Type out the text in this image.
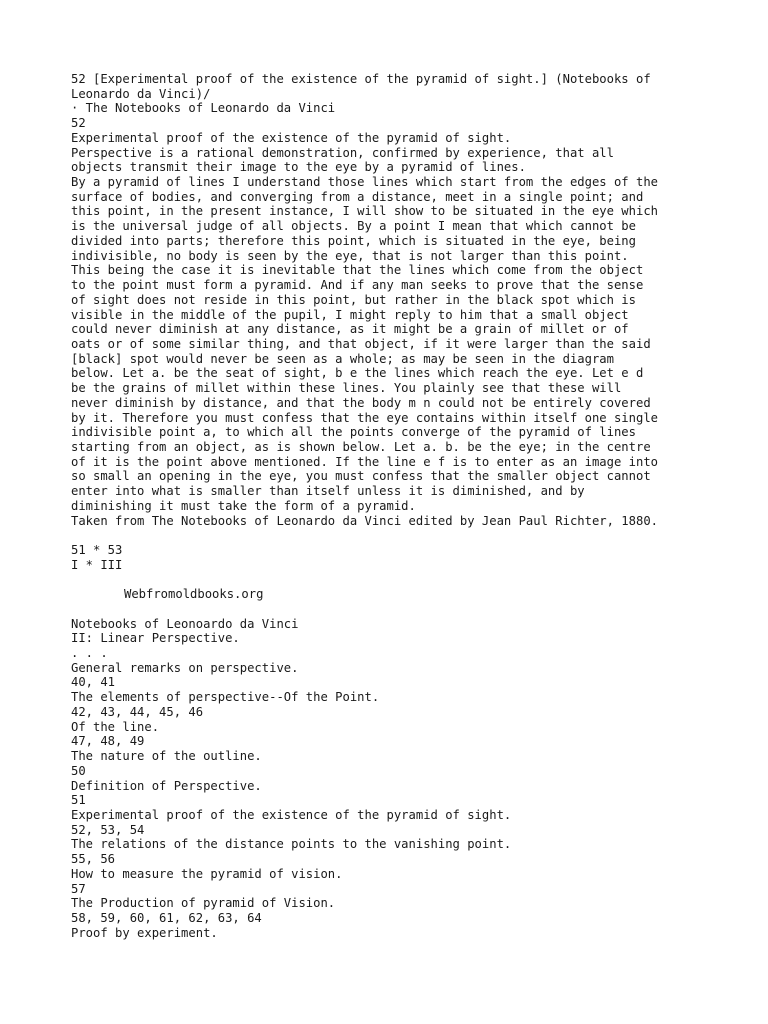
52 [Experimental proof of the existence of the pyramid of sight.] (Notebooks of
Leonardo da Vinci)/
· The Notebooks of Leonardo da Vinci
52
Experimental proof of the existence of the pyramid of sight.
Perspective is a rational demonstration, confirmed by experience, that all
objects transmit their image to the eye by a pyramid of lines.
By a pyramid of lines I understand those lines which start from the edges of the
surface of bodies, and converging from a distance, meet in a single point; and
this point, in the present instance, I will show to be situated in the eye which
is the universal judge of all objects. By a point I mean that which cannot be
divided into parts; therefore this point, which is situated in the eye, being
indivisible, no body is seen by the eye, that is not larger than this point.
This being the case it is inevitable that the lines which come from the object
to the point must form a pyramid. And if any man seeks to prove that the sense
of sight does not reside in this point, but rather in the black spot which is
visible in the middle of the pupil, I might reply to him that a small object
could never diminish at any distance, as it might be a grain of millet or of
oats or of some similar thing, and that object, if it were larger than the said
[black] spot would never be seen as a whole; as may be seen in the diagram
below. Let a. be the seat of sight, b e the lines which reach the eye. Let e d
be the grains of millet within these lines. You plainly see that these will
never diminish by distance, and that the body m n could not be entirely covered
by it. Therefore you must confess that the eye contains within itself one single
indivisible point a, to which all the points converge of the pyramid of lines
starting from an object, as is shown below. Let a. b. be the eye; in the centre
of it is the point above mentioned. If the line e f is to enter as an image into
so small an opening in the eye, you must confess that the smaller object cannot
enter into what is smaller than itself unless it is diminished, and by
diminishing it must take the form of a pyramid.
Taken from The Notebooks of Leonardo da Vinci edited by Jean Paul Richter, 1880.
51 * 53
I * III
Webfromoldbooks.org
Notebooks of Leonoardo da Vinci
II: Linear Perspective.
. . .
General remarks on perspective.
40, 41
The elements of perspective--Of the Point.
42, 43, 44, 45, 46
Of the line.
47, 48, 49
The nature of the outline.
50
Definition of Perspective.
51
Experimental proof of the existence of the pyramid of sight.
52, 53, 54
The relations of the distance points to the vanishing point.
55, 56
How to measure the pyramid of vision.
57
The Production of pyramid of Vision.
58, 59, 60, 61, 62, 63, 64
Proof by experiment.
